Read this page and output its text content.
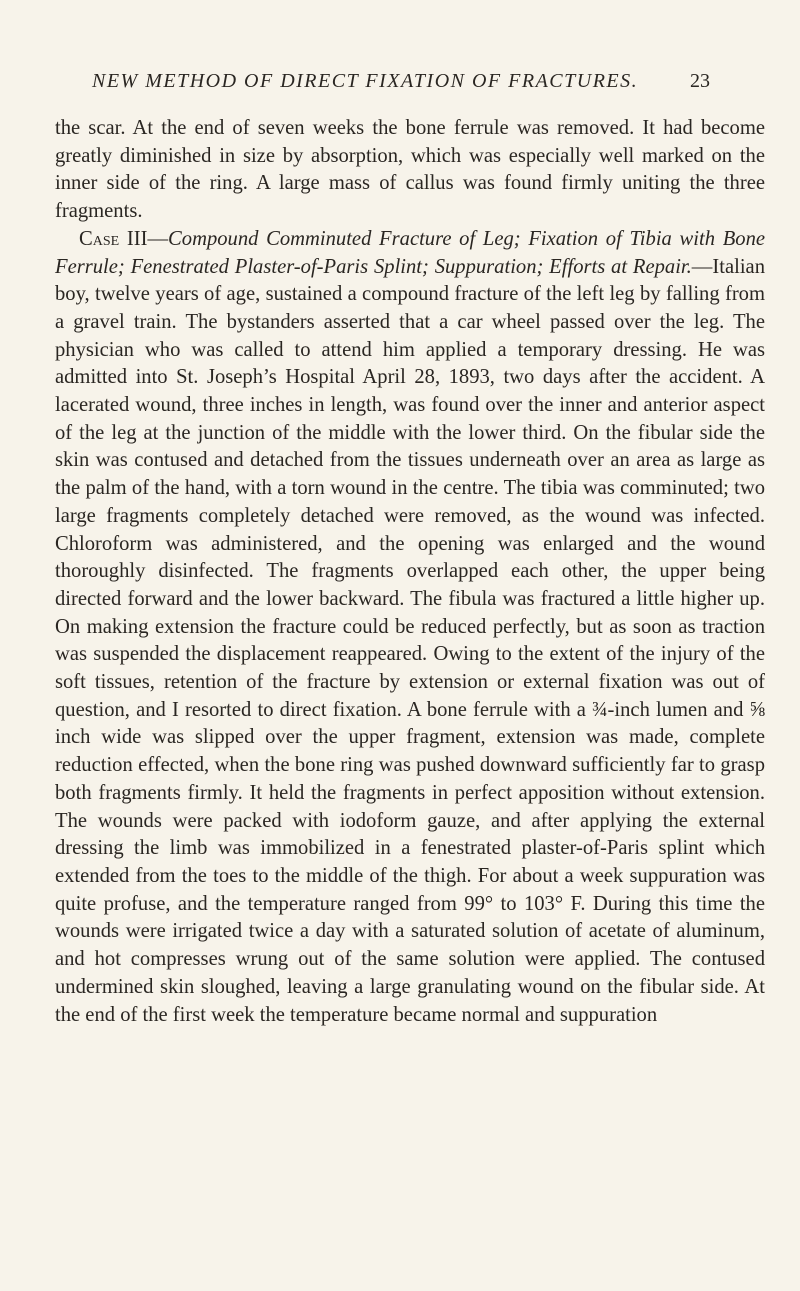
NEW METHOD OF DIRECT FIXATION OF FRACTURES.	23

the scar. At the end of seven weeks the bone ferrule was removed. It had become greatly diminished in size by absorption, which was especially well marked on the inner side of the ring. A large mass of callus was found firmly uniting the three fragments.

Case III—Compound Comminuted Fracture of Leg; Fixation of Tibia with Bone Ferrule; Fenestrated Plaster-of-Paris Splint; Suppuration; Efforts at Repair.—Italian boy, twelve years of age, sustained a compound fracture of the left leg by falling from a gravel train. The bystanders asserted that a car wheel passed over the leg. The physician who was called to attend him applied a temporary dressing. He was admitted into St. Joseph’s Hospital April 28, 1893, two days after the accident. A lacerated wound, three inches in length, was found over the inner and anterior aspect of the leg at the junction of the middle with the lower third. On the fibular side the skin was contused and detached from the tissues underneath over an area as large as the palm of the hand, with a torn wound in the centre. The tibia was comminuted; two large fragments completely detached were removed, as the wound was infected. Chloroform was administered, and the opening was enlarged and the wound thoroughly disinfected. The fragments overlapped each other, the upper being directed forward and the lower backward. The fibula was fractured a little higher up. On making extension the fracture could be reduced perfectly, but as soon as traction was suspended the displacement reappeared. Owing to the extent of the injury of the soft tissues, retention of the fracture by extension or external fixation was out of question, and I resorted to direct fixation. A bone ferrule with a ¾-inch lumen and ⅝ inch wide was slipped over the upper fragment, extension was made, complete reduction effected, when the bone ring was pushed downward sufficiently far to grasp both fragments firmly. It held the fragments in perfect apposition without extension. The wounds were packed with iodoform gauze, and after applying the external dressing the limb was immobilized in a fenestrated plaster-of-Paris splint which extended from the toes to the middle of the thigh. For about a week suppuration was quite profuse, and the temperature ranged from 99° to 103° F. During this time the wounds were irrigated twice a day with a saturated solution of acetate of aluminum, and hot compresses wrung out of the same solution were applied. The contused undermined skin sloughed, leaving a large granulating wound on the fibular side. At the end of the first week the temperature became normal and suppuration
